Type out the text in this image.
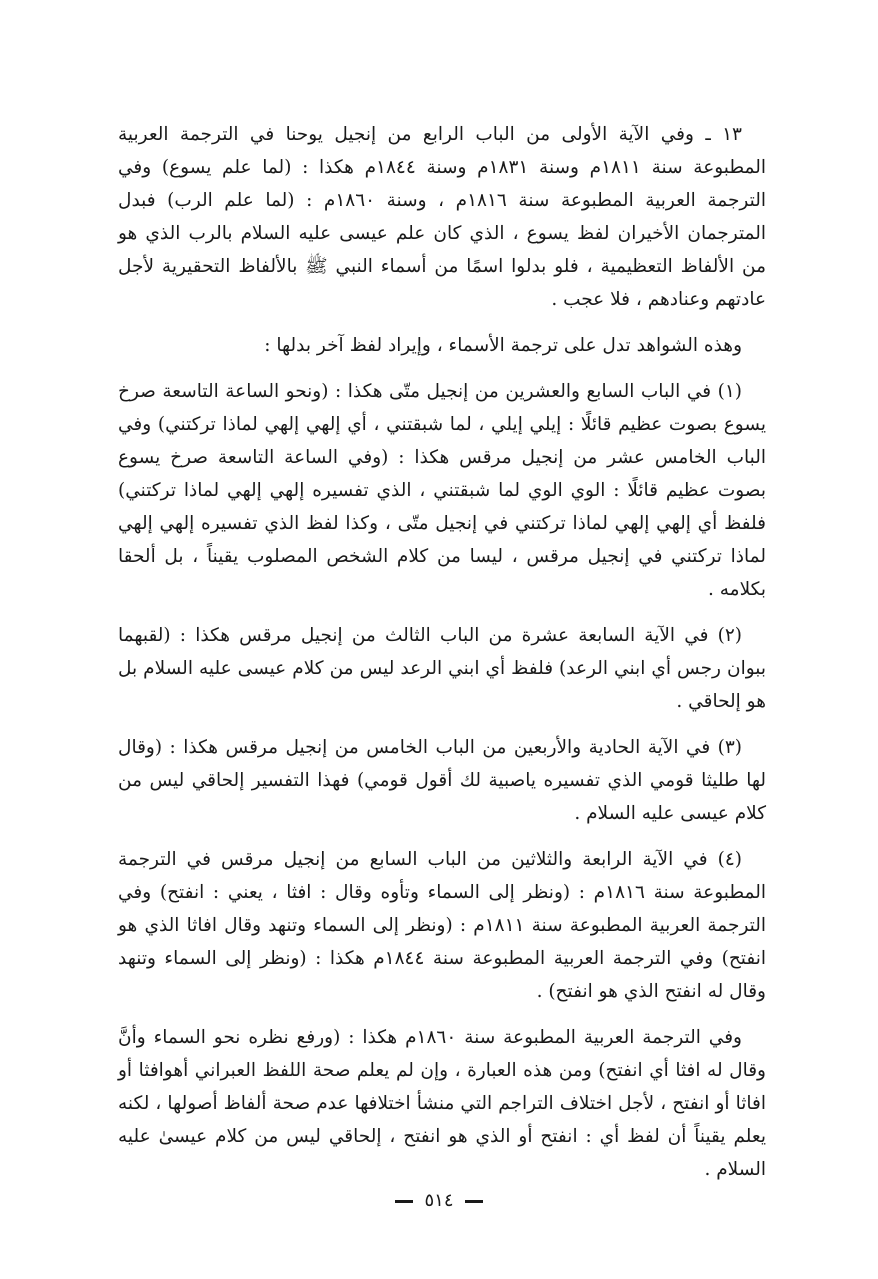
١٣ ـ وفي الآية الأولى من الباب الرابع من إنجيل يوحنا في الترجمة العربية المطبوعة سنة ١٨١١م وسنة ١٨٣١م وسنة ١٨٤٤م هكذا : (لما علم يسوع) وفي الترجمة العربية المطبوعة سنة ١٨١٦م ، وسنة ١٨٦٠م : (لما علم الرب) فبدل المترجمان الأخيران لفظ يسوع ، الذي كان علم عيسى عليه السلام بالرب الذي هو من الألفاظ التعظيمية ، فلو بدلوا اسمًا من أسماء النبي ﷺ بالألفاظ التحقيرية لأجل عادتهم وعنادهم ، فلا عجب .

وهذه الشواهد تدل على ترجمة الأسماء ، وإيراد لفظ آخر بدلها :

(١) في الباب السابع والعشرين من إنجيل متّى هكذا : (ونحو الساعة التاسعة صرخ يسوع بصوت عظيم قائلًا : إيلي إيلي ، لما شبقتني ، أي إلهي إلهي لماذا تركتني) وفي الباب الخامس عشر من إنجيل مرقس هكذا : (وفي الساعة التاسعة صرخ يسوع بصوت عظيم قائلًا : الوي الوي لما شبقتني ، الذي تفسيره إلهي إلهي لماذا تركتني) فلفظ أي إلهي إلهي لماذا تركتني في إنجيل متّى ، وكذا لفظ الذي تفسيره إلهي إلهي لماذا تركتني في إنجيل مرقس ، ليسا من كلام الشخص المصلوب يقيناً ، بل ألحقا بكلامه .

(٢) في الآية السابعة عشرة من الباب الثالث من إنجيل مرقس هكذا : (لقبهما ببوان رجس أي ابني الرعد) فلفظ أي ابني الرعد ليس من كلام عيسى عليه السلام بل هو إلحاقي .

(٣) في الآية الحادية والأربعين من الباب الخامس من إنجيل مرقس هكذا : (وقال لها طليثا قومي الذي تفسيره ياصبية لك أقول قومي) فهذا التفسير إلحاقي ليس من كلام عيسى عليه السلام .

(٤) في الآية الرابعة والثلاثين من الباب السابع من إنجيل مرقس في الترجمة المطبوعة سنة ١٨١٦م : (ونظر إلى السماء وتأوه وقال : افثا ، يعني : انفتح) وفي الترجمة العربية المطبوعة سنة ١٨١١م : (ونظر إلى السماء وتنهد وقال افاثا الذي هو انفتح) وفي الترجمة العربية المطبوعة سنة ١٨٤٤م هكذا : (ونظر إلى السماء وتنهد وقال له انفتح الذي هو انفتح) .

وفي الترجمة العربية المطبوعة سنة ١٨٦٠م هكذا : (ورفع نظره نحو السماء وأنَّ وقال له افثا أي انفتح) ومن هذه العبارة ، وإن لم يعلم صحة اللفظ العبراني أهوافثا أو افاثا أو انفتح ، لأجل اختلاف التراجم التي منشأ اختلافها عدم صحة ألفاظ أصولها ، لكنه يعلم يقيناً أن لفظ أي : انفتح أو الذي هو انفتح ، إلحاقي ليس من كلام عيسىٰ عليه السلام .

٥١٤
